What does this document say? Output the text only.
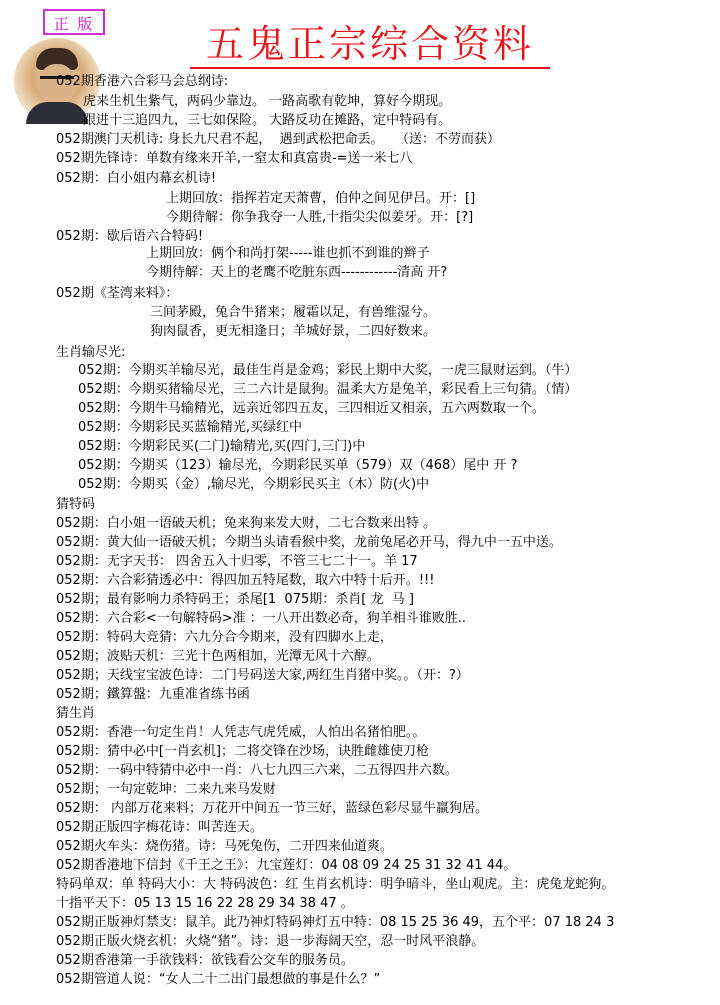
正 版	五鬼正宗综合资料
052期香港六合彩马会总纲诗:
虎来生机生紫气，两码少靠边。 一路高歌有乾坤，算好今期现。
跟进十三追四九，三七如保险。 大路反功在摊路，定中特码有。
052期澳门天机诗: 身长九尺君不起，  遇到武松把命丢。   （送：不劳而获）
052期先锋诗：单数有缘来开羊,一窒太和真富贵-=送一米七八
052期：白小姐内幕玄机诗!
上期回放：指挥若定天萧曹，伯仲之间见伊吕。开：[]
今期待解：你争我夺一人胜,十指尖尖似姜牙。开：[?]
052期：歇后语六合特码!
上期回放：俩个和尚打架-----谁也抓不到谁的辫子
今期待解：天上的老鹰不吃脏东西------------清高 开?
052期《荃湾来料》：
三间茅殿，兔合牛猪来；履霜以足，有兽维湿兮。
狗肉鼠香，更无相逢日；羊城好景，二四好数来。
生肖输尽光:
052期：今期买羊输尽光，最佳生肖是金鸡；彩民上期中大奖，一虎三鼠财运到。（牛）
052期：今期买猪输尽光，三二六计是鼠狗。温柔大方是兔羊，彩民看上三句猜。（情）
052期：今期牛马输精光，远亲近邻四五友，三四相近又相亲，五六两数取一个。
052期：今期彩民买蓝输精光,买绿红中
052期：今期彩民买(二门)输精光,买(四门,三门)中
052期：今期买（123）输尽光，今期彩民买单（579）双（468）尾中 开 ?
052期：今期买（金）,输尽光，今期彩民买主（木）防(火)中
猜特码
052期：白小姐一语破天机；兔来狗来发大财，二七合数来出特 。
052期：黄大仙一语破天机；今期当头请看猴中奖，龙前兔尾必开马，得九中一五中送。
052期：无字天书： 四舍五入十归零，不管三七二十一。羊 17
052期：六合彩猜透必中：得四加五特尾数，取六中特十后开。!!!
052期；最有影响力杀特码王；杀尾[1  075期：杀肖[ 龙  马 ]
052期：六合彩<一句解特码>准 ：一八开出数必奇，狗羊相斗谁败胜..
052期：特码大竞猜：六九分合今期来，没有四脚水上走，
052期；波贴天机：三光十色两相加，光潭无风十六醇。
052期；天线宝宝波色诗：二门号码送大家,两红生肖猪中奖。。（开：?）
052期；鐵算盤：九重准省练书函
猜生肖
052期：香港一句定生肖！人凭志气虎凭威，人怕出名猪怕肥。。
052期：猜中必中[一肖玄机]；二将交锋在沙场，诀胜雌雄使刀枪
052期：一码中特猜中必中一肖：八七九四三六来，二五得四井六数。
052期；一句定乾坤：二来九来马发财
052期： 内部万花来料；万花开中间五一节三好，蓝绿色彩尽显牛羸狗居。
052期正版四字梅花诗：叫苦连天。
052期火车头：烧伤猪。诗：马死兔伤，二开四来仙道爽。
052期香港地下信封《千王之王》：九宝莲灯：04 08 09 24 25 31 32 41 44。
特码单双：单 特码大小：大 特码波色：红 生肖玄机诗：明争暗斗，坐山观虎。主：虎兔龙蛇狗。
十指平天下：05 13 15 16 22 28 29 34 38 47 。
052期正版神灯禁支：鼠羊。此乃神灯特码神灯五中特：08 15 25 36 49，五个平：07 18 24 3
052期正版火烧玄机：火烧“猪”。诗：退一步海阔天空，忍一时风平浪静。
052期香港第一手欲钱料：欲钱看公交车的服务员。
052期管道人说：“女人二十二出门最想做的事是什么？”
